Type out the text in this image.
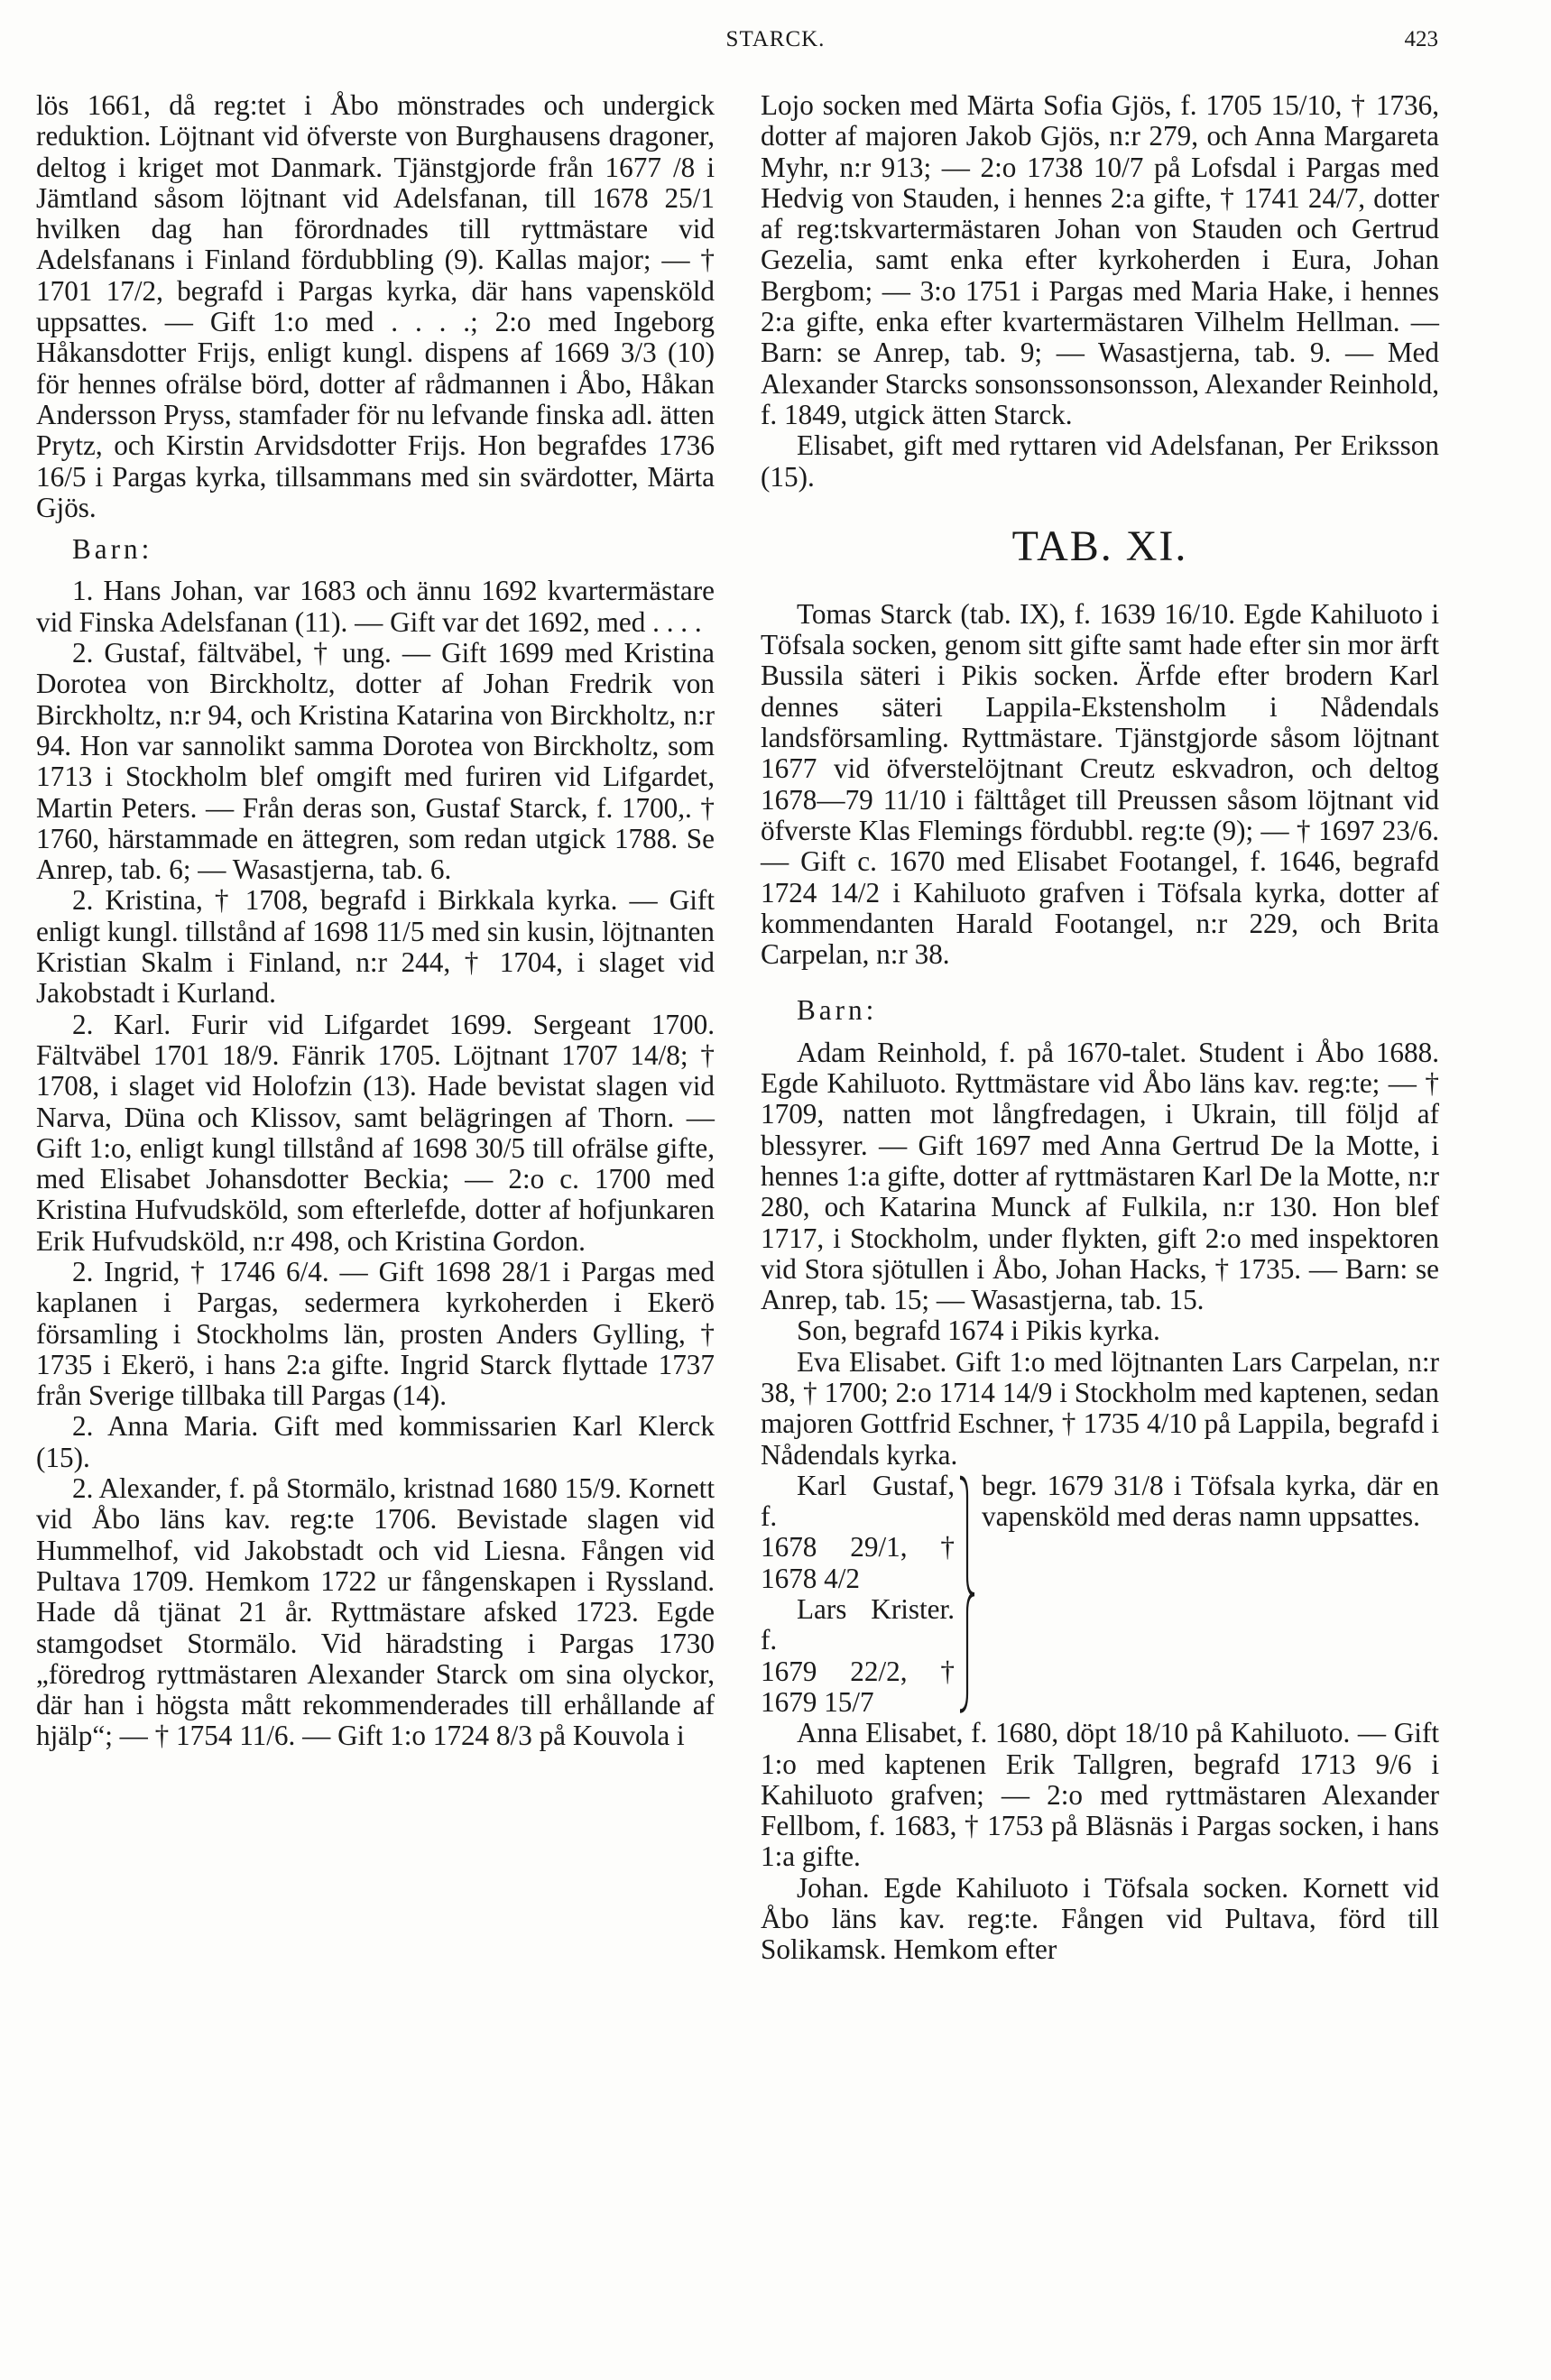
STARCK.	423

lös 1661, då reg:tet i Åbo mönstrades och undergick reduktion. Löjtnant vid öfverste von Burghausens dragoner, deltog i kriget mot Danmark. Tjänstgjorde från 1677 /8 i Jämtland såsom löjtnant vid Adelsfanan, till 1678 25/1 hvilken dag han förordnades till ryttmästare vid Adelsfanans i Finland fördubbling (9). Kallas major; — † 1701 17/2, begrafd i Pargas kyrka, där hans vapensköld uppsattes. — Gift 1:o med . . . .; 2:o med Ingeborg Håkansdotter Frijs, enligt kungl. dispens af 1669 3/3 (10) för hennes ofrälse börd, dotter af rådmannen i Åbo, Håkan Andersson Pryss, stamfader för nu lefvande finska adl. ätten Prytz, och Kirstin Arvidsdotter Frijs. Hon begrafdes 1736 16/5 i Pargas kyrka, tillsammans med sin svärdotter, Märta Gjös.

Barn:

1. Hans Johan, var 1683 och ännu 1692 kvartermästare vid Finska Adelsfanan (11). — Gift var det 1692, med . . . .

2. Gustaf, fältväbel, † ung. — Gift 1699 med Kristina Dorotea von Birckholtz, dotter af Johan Fredrik von Birckholtz, n:r 94, och Kristina Katarina von Birckholtz, n:r 94. Hon var sannolikt samma Dorotea von Birckholtz, som 1713 i Stockholm blef omgift med furiren vid Lifgardet, Martin Peters. — Från deras son, Gustaf Starck, f. 1700,. † 1760, härstammade en ättegren, som redan utgick 1788. Se Anrep, tab. 6; — Wasastjerna, tab. 6.

2. Kristina, † 1708, begrafd i Birkkala kyrka. — Gift enligt kungl. tillstånd af 1698 11/5 med sin kusin, löjtnanten Kristian Skalm i Finland, n:r 244, † 1704, i slaget vid Jakobstadt i Kurland.

2. Karl. Furir vid Lifgardet 1699. Sergeant 1700. Fältväbel 1701 18/9. Fänrik 1705. Löjtnant 1707 14/8; † 1708, i slaget vid Holofzin (13). Hade bevistat slagen vid Narva, Düna och Klissov, samt belägringen af Thorn. — Gift 1:o, enligt kungl tillstånd af 1698 30/5 till ofrälse gifte, med Elisabet Johansdotter Beckia; — 2:o c. 1700 med Kristina Hufvudsköld, som efterlefde, dotter af hofjunkaren Erik Hufvudsköld, n:r 498, och Kristina Gordon.

2. Ingrid, † 1746 6/4. — Gift 1698 28/1 i Pargas med kaplanen i Pargas, sedermera kyrkoherden i Ekerö församling i Stockholms län, prosten Anders Gylling, † 1735 i Ekerö, i hans 2:a gifte. Ingrid Starck flyttade 1737 från Sverige tillbaka till Pargas (14).

2. Anna Maria. Gift med kommissarien Karl Klerck (15).

2. Alexander, f. på Stormälo, kristnad 1680 15/9. Kornett vid Åbo läns kav. reg:te 1706. Bevistade slagen vid Hummelhof, vid Jakobstadt och vid Liesna. Fången vid Pultava 1709. Hemkom 1722 ur fångenskapen i Ryssland. Hade då tjänat 21 år. Ryttmästare afsked 1723. Egde stamgodset Stormälo. Vid häradsting i Pargas 1730 „föredrog ryttmästaren Alexander Starck om sina olyckor, där han i högsta mått rekommenderades till erhållande af hjälp“; — † 1754 11/6. — Gift 1:o 1724 8/3 på Kouvola i

Lojo socken med Märta Sofia Gjös, f. 1705 15/10, † 1736, dotter af majoren Jakob Gjös, n:r 279, och Anna Margareta Myhr, n:r 913; — 2:o 1738 10/7 på Lofsdal i Pargas med Hedvig von Stauden, i hennes 2:a gifte, † 1741 24/7, dotter af reg:tskvartermästaren Johan von Stauden och Gertrud Gezelia, samt enka efter kyrkoherden i Eura, Johan Bergbom; — 3:o 1751 i Pargas med Maria Hake, i hennes 2:a gifte, enka efter kvartermästaren Vilhelm Hellman. — Barn: se Anrep, tab. 9; — Wasastjerna, tab. 9. — Med Alexander Starcks sonsonssonsonsson, Alexander Reinhold, f. 1849, utgick ätten Starck.

Elisabet, gift med ryttaren vid Adelsfanan, Per Eriksson (15).

TAB. XI.

Tomas Starck (tab. IX), f. 1639 16/10. Egde Kahiluoto i Töfsala socken, genom sitt gifte samt hade efter sin mor ärft Bussila säteri i Pikis socken. Ärfde efter brodern Karl dennes säteri Lappila-Ekstensholm i Nådendals landsförsamling. Ryttmästare. Tjänstgjorde såsom löjtnant 1677 vid öfverstelöjtnant Creutz eskvadron, och deltog 1678—79 11/10 i fälttåget till Preussen såsom löjtnant vid öfverste Klas Flemings fördubbl. reg:te (9); — † 1697 23/6. — Gift c. 1670 med Elisabet Footangel, f. 1646, begrafd 1724 14/2 i Kahiluoto grafven i Töfsala kyrka, dotter af kommendanten Harald Footangel, n:r 229, och Brita Carpelan, n:r 38.

Barn:

Adam Reinhold, f. på 1670-talet. Student i Åbo 1688. Egde Kahiluoto. Ryttmästare vid Åbo läns kav. reg:te; — † 1709, natten mot långfredagen, i Ukrain, till följd af blessyrer. — Gift 1697 med Anna Gertrud De la Motte, i hennes 1:a gifte, dotter af ryttmästaren Karl De la Motte, n:r 280, och Katarina Munck af Fulkila, n:r 130. Hon blef 1717, i Stockholm, under flykten, gift 2:o med inspektoren vid Stora sjötullen i Åbo, Johan Hacks, † 1735. — Barn: se Anrep, tab. 15; — Wasastjerna, tab. 15.

Son, begrafd 1674 i Pikis kyrka.

Eva Elisabet. Gift 1:o med löjtnanten Lars Carpelan, n:r 38, † 1700; 2:o 1714 14/9 i Stockholm med kaptenen, sedan majoren Gottfrid Eschner, † 1735 4/10 på Lappila, begrafd i Nådendals kyrka.

Karl Gustaf, f.

1678 29/1, † 1678 4/2

Lars Krister. f.

1679 22/2, † 1679 15/7

begr. 1679 31/8 i Töfsala kyrka, där en vapensköld med deras namn uppsattes.

Anna Elisabet, f. 1680, döpt 18/10 på Kahiluoto. — Gift 1:o med kaptenen Erik Tallgren, begrafd 1713 9/6 i Kahiluoto grafven; — 2:o med ryttmästaren Alexander Fellbom, f. 1683, † 1753 på Bläsnäs i Pargas socken, i hans 1:a gifte.

Johan. Egde Kahiluoto i Töfsala socken. Kornett vid Åbo läns kav. reg:te. Fången vid Pultava, förd till Solikamsk. Hemkom efter
